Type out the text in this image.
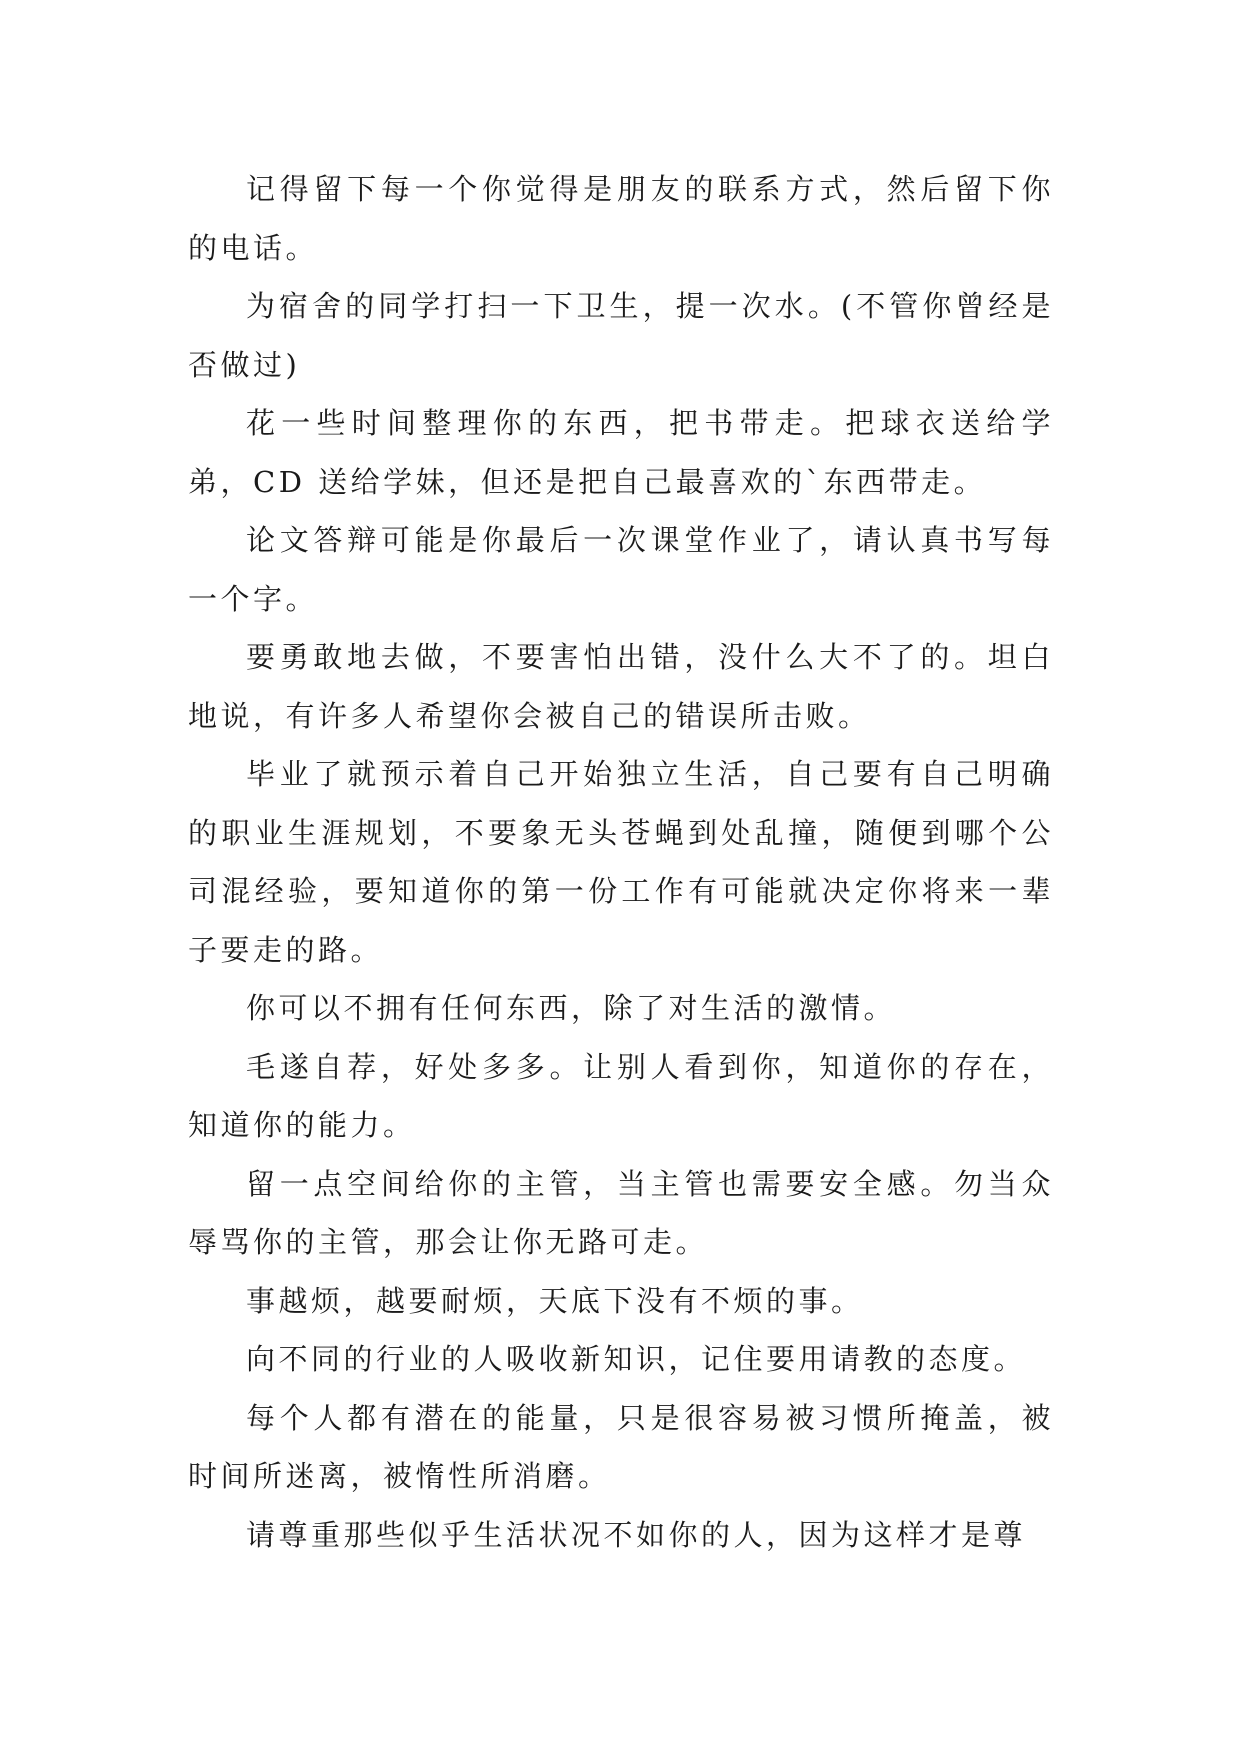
记得留下每一个你觉得是朋友的联系方式，然后留下你的电话。

为宿舍的同学打扫一下卫生，提一次水。(不管你曾经是否做过)

花一些时间整理你的东西，把书带走。把球衣送给学弟，CD 送给学妹，但还是把自己最喜欢的`东西带走。

论文答辩可能是你最后一次课堂作业了，请认真书写每一个字。

要勇敢地去做，不要害怕出错，没什么大不了的。坦白地说，有许多人希望你会被自己的错误所击败。

毕业了就预示着自己开始独立生活，自己要有自己明确的职业生涯规划，不要象无头苍蝇到处乱撞，随便到哪个公司混经验，要知道你的第一份工作有可能就决定你将来一辈子要走的路。

你可以不拥有任何东西，除了对生活的激情。

毛遂自荐，好处多多。让别人看到你，知道你的存在，知道你的能力。

留一点空间给你的主管，当主管也需要安全感。勿当众辱骂你的主管，那会让你无路可走。

事越烦，越要耐烦，天底下没有不烦的事。

向不同的行业的人吸收新知识，记住要用请教的态度。

每个人都有潜在的能量，只是很容易被习惯所掩盖，被时间所迷离，被惰性所消磨。

请尊重那些似乎生活状况不如你的人，因为这样才是尊
